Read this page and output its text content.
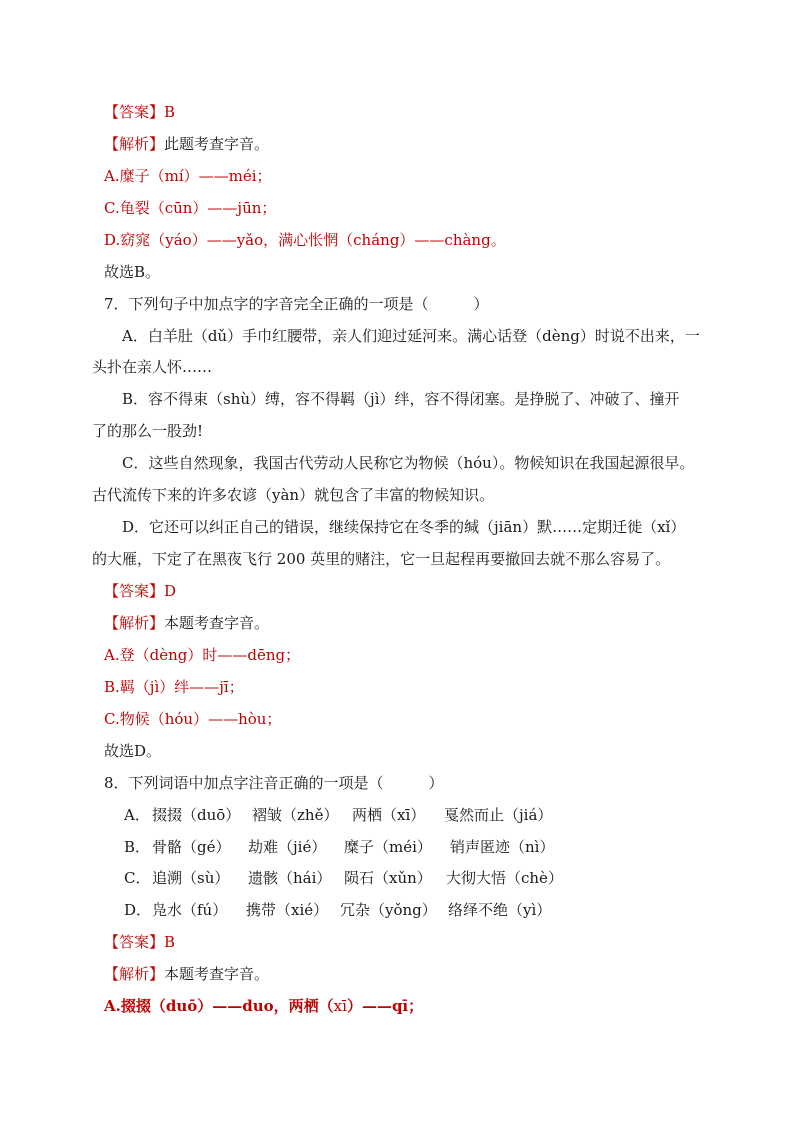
【答案】B
【解析】此题考查字音。
A.糜子（mí）——méi；
C.龟裂（cūn）——jūn；
D.窈窕（yáo）——yǎo，满心怅惘（cháng）——chàng。
故选B。
7．下列句子中加点字的字音完全正确的一项是（　　　）
A．白羊肚（dǔ）手巾红腰带，亲人们迎过延河来。满心话登（dèng）时说不出来，一
头扑在亲人怀……
B．容不得束（shù）缚，容不得羁（jì）绊，容不得闭塞。是挣脱了、冲破了、撞开
了的那么一股劲!
C．这些自然现象，我国古代劳动人民称它为物候（hóu）。物候知识在我国起源很早。
古代流传下来的许多农谚（yàn）就包含了丰富的物候知识。
D．它还可以纠正自己的错误，继续保持它在冬季的缄（jiān）默……定期迁徙（xǐ）
的大雁，下定了在黑夜飞行 200 英里的赌注，它一旦起程再要撤回去就不那么容易了。
【答案】D
【解析】本题考查字音。
A.登（dèng）时——dēng；
B.羁（jì）绊——jī；
C.物候（hóu）——hòu；
故选D。
8．下列词语中加点字注音正确的一项是（　　　）
A． 掇掇（duō） 褶皱（zhě） 两栖（xī） 戛然而止（jiá）
B． 骨骼（gé） 劫难（jié） 糜子（méi） 销声匿迹（nì）
C． 追溯（sù） 遗骸（hái） 陨石（xǔn） 大彻大悟（chè）
D．凫水（fú） 携带（xié） 冗杂（yǒng） 络绎不绝（yì）
【答案】B
【解析】本题考查字音。
A.掇掇（duō）——duo，两栖（xī）——qī；
